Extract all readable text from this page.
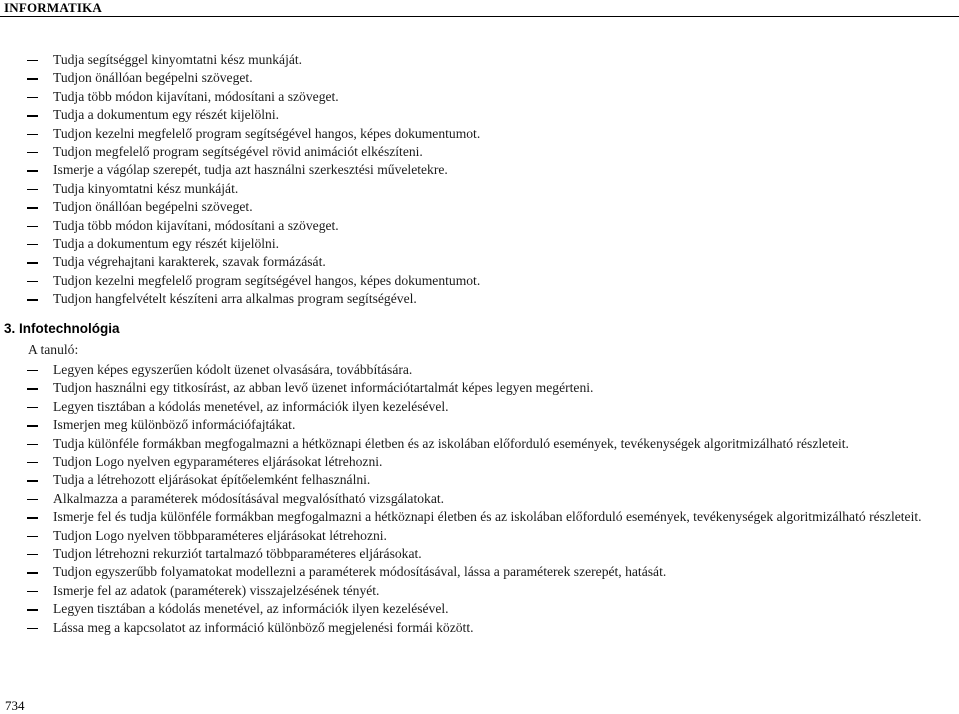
INFORMATIKA
Tudja segítséggel kinyomtatni kész munkáját.
Tudjon önállóan begépelni szöveget.
Tudja több módon kijavítani, módosítani a szöveget.
Tudja a dokumentum egy részét kijelölni.
Tudjon kezelni megfelelő program segítségével hangos, képes dokumentumot.
Tudjon megfelelő program segítségével rövid animációt elkészíteni.
Ismerje a vágólap szerepét, tudja azt használni szerkesztési műveletekre.
Tudja kinyomtatni kész munkáját.
Tudjon önállóan begépelni szöveget.
Tudja több módon kijavítani, módosítani a szöveget.
Tudja a dokumentum egy részét kijelölni.
Tudja végrehajtani karakterek, szavak formázását.
Tudjon kezelni megfelelő program segítségével hangos, képes dokumentumot.
Tudjon hangfelvételt készíteni arra alkalmas program segítségével.
3. Infotechnológia
A tanuló:
Legyen képes egyszerűen kódolt üzenet olvasására, továbbítására.
Tudjon használni egy titkosírást, az abban levő üzenet információtartalmát képes legyen megérteni.
Legyen tisztában a kódolás menetével, az információk ilyen kezelésével.
Ismerjen meg különböző információfajtákat.
Tudja különféle formákban megfogalmazni a hétköznapi életben és az iskolában előforduló események, tevékenységek algoritmizálható részleteit.
Tudjon Logo nyelven egyparaméteres eljárásokat létrehozni.
Tudja a létrehozott eljárásokat építőelemként felhasználni.
Alkalmazza a paraméterek módosításával megvalósítható vizsgálatokat.
Ismerje fel és tudja különféle formákban megfogalmazni a hétköznapi életben és az iskolában előforduló események, tevékenységek algoritmizálható részleteit.
Tudjon Logo nyelven többparaméteres eljárásokat létrehozni.
Tudjon létrehozni rekurziót tartalmazó többparaméteres eljárásokat.
Tudjon egyszerűbb folyamatokat modellezni a paraméterek módosításával, lássa a paraméterek szerepét, hatását.
Ismerje fel az adatok (paraméterek) visszajelzésének tényét.
Legyen tisztában a kódolás menetével, az információk ilyen kezelésével.
Lássa meg a kapcsolatot az információ különböző megjelenési formái között.
734
